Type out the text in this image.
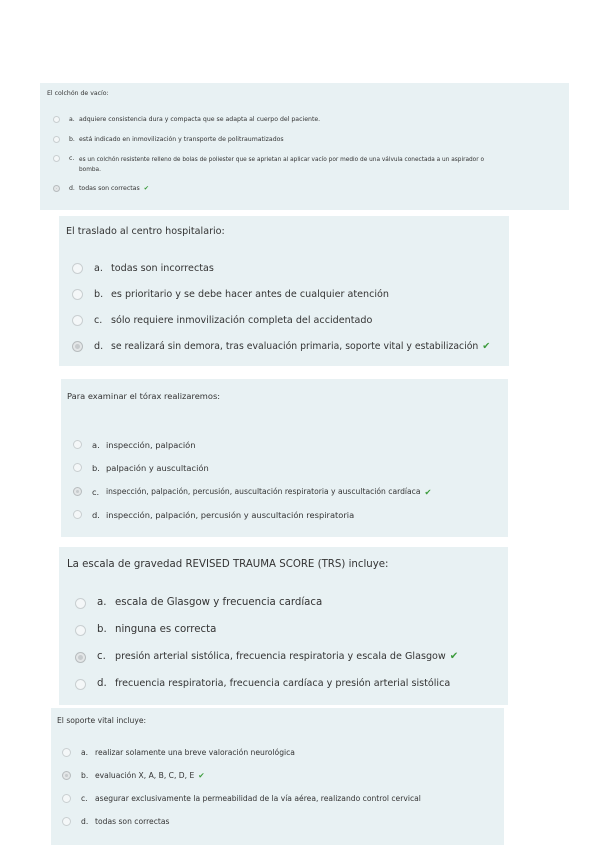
El colchón de vacío:
a. adquiere consistencia dura y compacta que se adapta al cuerpo del paciente.
b. está indicado en inmovilización y transporte de politraumatizados
c. es un colchón resistente relleno de bolas de poliester que se aprietan al aplicar vacío por medio de una válvula conectada a un aspirador o
bomba.
d. todas son correctas ✔
El traslado al centro hospitalario:
a. todas son incorrectas
b. es prioritario y se debe hacer antes de cualquier atención
c. sólo requiere inmovilización completa del accidentado
d. se realizará sin demora, tras evaluación primaria, soporte vital y estabilización ✔
Para examinar el tórax realizaremos:
a. inspección, palpación
b. palpación y auscultación
c. inspección, palpación, percusión, auscultación respiratoria y auscultación cardíaca ✔
d. inspección, palpación, percusión y auscultación respiratoria
La escala de gravedad REVISED TRAUMA SCORE (TRS) incluye:
a. escala de Glasgow y frecuencia cardíaca
b. ninguna es correcta
c. presión arterial sistólica, frecuencia respiratoria y escala de Glasgow ✔
d. frecuencia respiratoria, frecuencia cardíaca y presión arterial sistólica
El soporte vital incluye:
a. realizar solamente una breve valoración neurológica
b. evaluación X, A, B, C, D, E ✔
c. asegurar exclusivamente la permeabilidad de la vía aérea, realizando control cervical
d. todas son correctas
